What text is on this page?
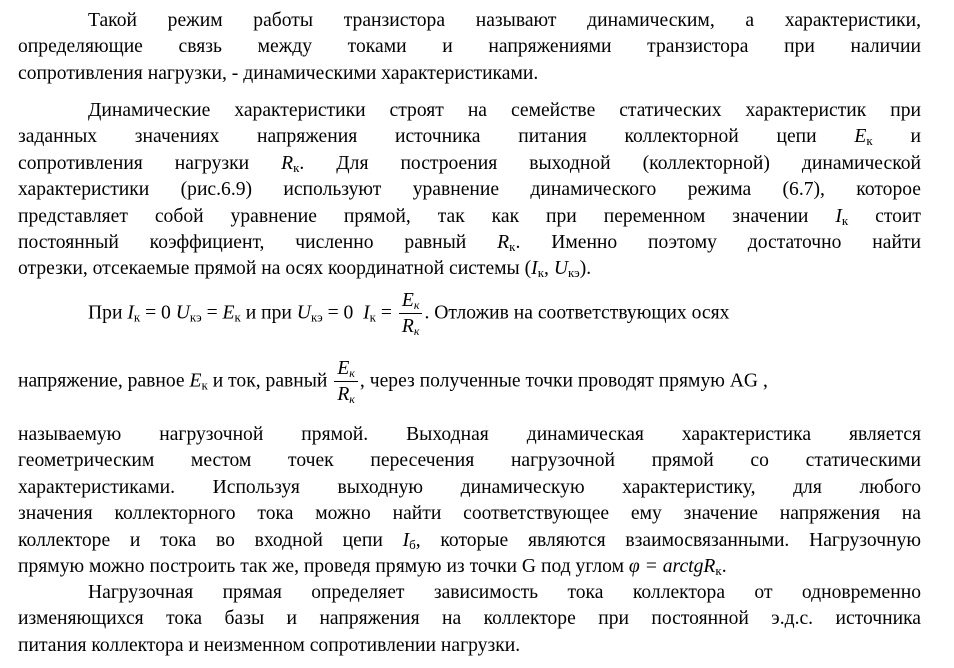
Такой режим работы транзистора называют динамическим, а характеристики,
определяющие связь между токами и напряжениями транзистора при наличии
сопротивления нагрузки, - динамическими характеристиками.
Динамические характеристики строят на семействе статических характеристик при
заданных значениях напряжения источника питания коллекторной цепи $E_к$ и
сопротивления нагрузки $R_к$. Для построения выходной (коллекторной) динамической
характеристики (рис.6.9) используют уравнение динамического режима (6.7), которое
представляет собой уравнение прямой, так как при переменном значении $I_к$ стоит
постоянный коэффициент, численно равный $R_к$. Именно поэтому достаточно найти
отрезки, отсекаемые прямой на осях координатной системы ($I_к$, $U_{кэ}$).
При $I_к = 0$ $U_{кэ} = E_к$ и при $U_{кэ} = 0$ $I_к = \frac{E_к}{R_к}$ . Отложив на соответствующих осях
напряжение, равное $E_к$ и ток, равный $\frac{E_к}{R_к}$ , через полученные точки проводят прямую AG ,
называемую нагрузочной прямой. Выходная динамическая характеристика является
геометрическим местом точек пересечения нагрузочной прямой со статическими
характеристиками. Используя выходную динамическую характеристику, для любого
значения коллекторного тока можно найти соответствующее ему значение напряжения на
коллекторе и тока во входной цепи $I_б$, которые являются взаимосвязанными. Нагрузочную
прямую можно построить так же, проведя прямую из точки G под углом φ = arctgR$_к$.
Нагрузочная прямая определяет зависимость тока коллектора от одновременно
изменяющихся тока базы и напряжения на коллекторе при постоянной э.д.с. источника
питания коллектора и неизменном сопротивлении нагрузки.
